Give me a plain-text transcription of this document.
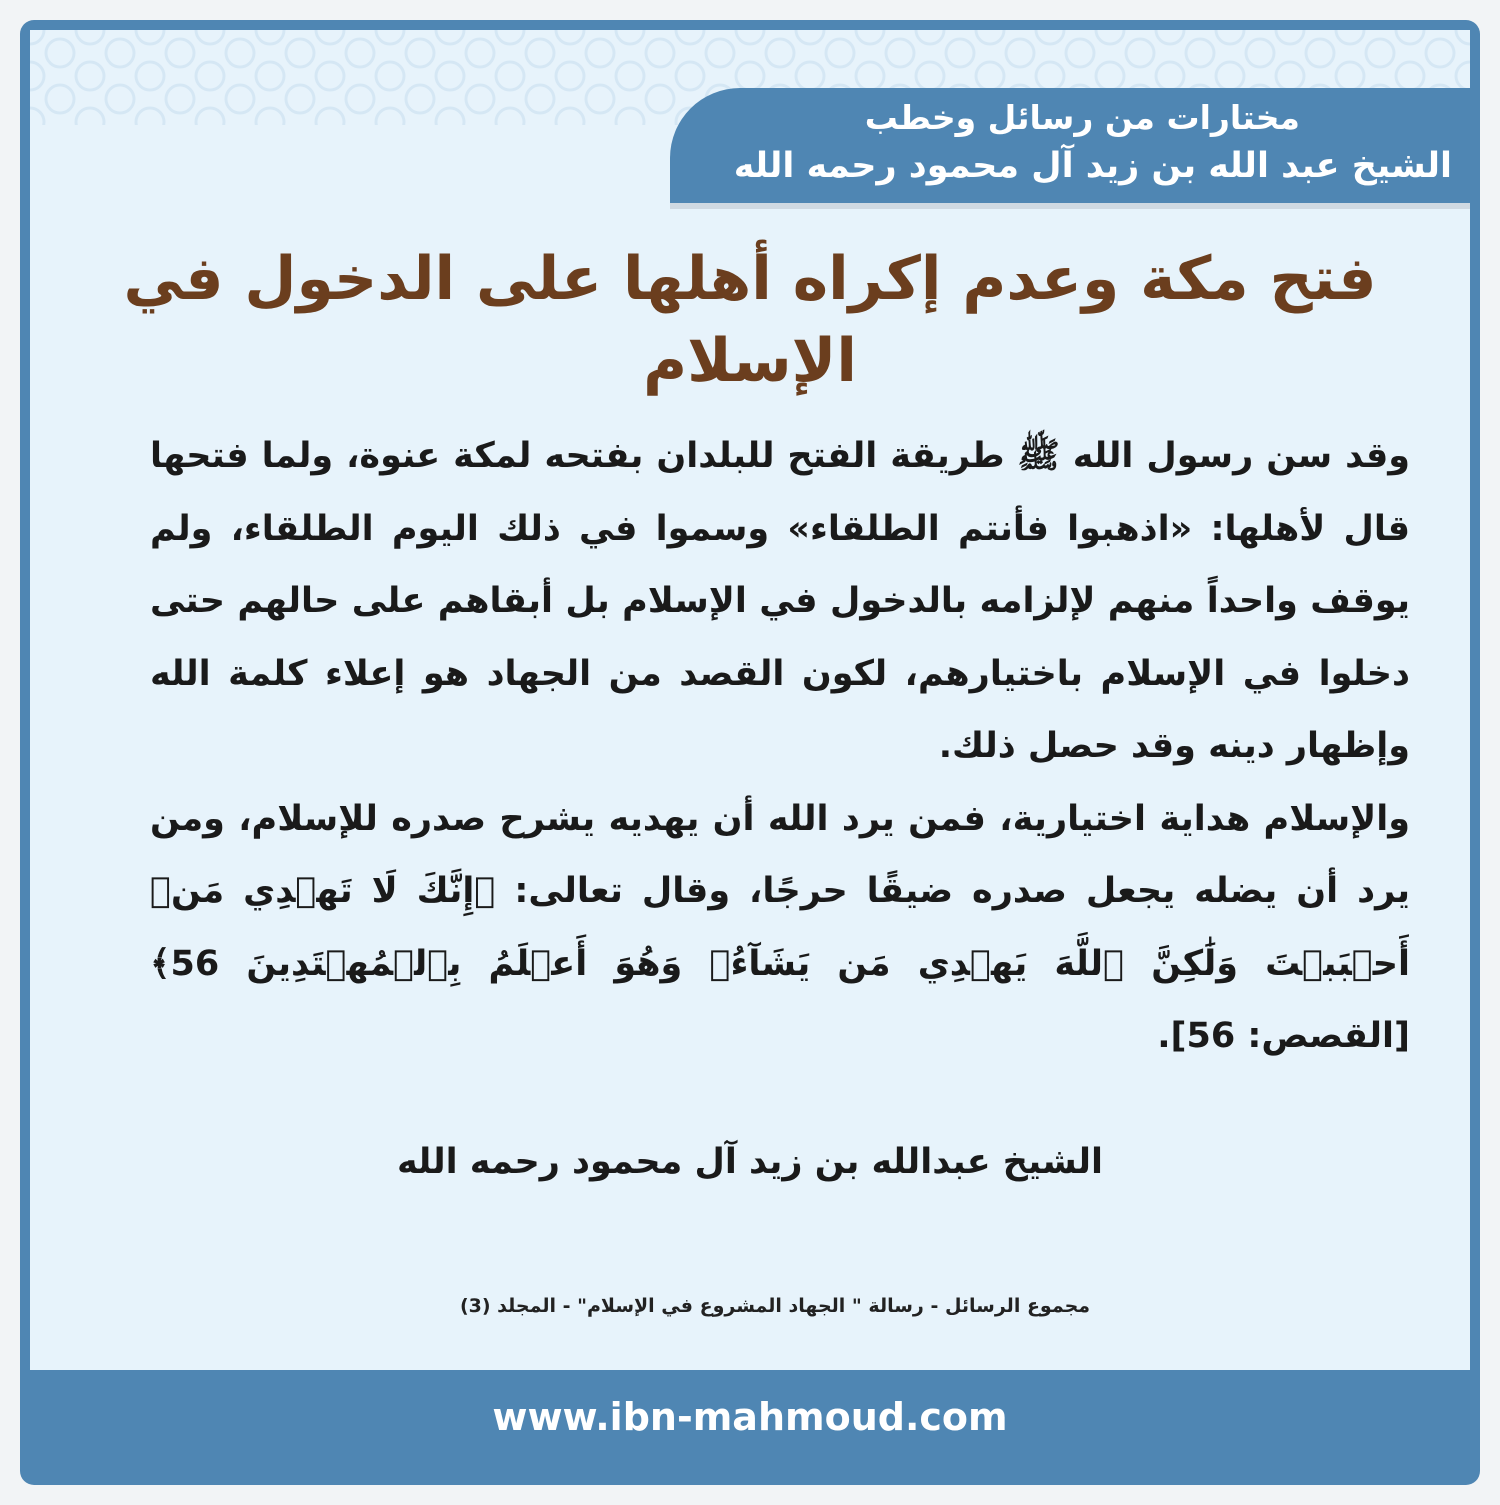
مختارات من رسائل وخطب
الشيخ عبد الله بن زيد آل محمود رحمه الله
فتح مكة وعدم إكراه أهلها على الدخول في الإسلام

وقد سن رسول الله ﷺ طريقة الفتح للبلدان بفتحه لمكة عنوة، ولما فتحها قال لأهلها: «اذهبوا فأنتم الطلقاء» وسموا في ذلك اليوم الطلقاء، ولم يوقف واحداً منهم لإلزامه بالدخول في الإسلام بل أبقاهم على حالهم حتى دخلوا في الإسلام باختيارهم، لكون القصد من الجهاد هو إعلاء كلمة الله وإظهار دينه وقد حصل ذلك.

والإسلام هداية اختيارية، فمن يرد الله أن يهديه يشرح صدره للإسلام، ومن يرد أن يضله يجعل صدره ضيقًا حرجًا، وقال تعالى: ﴿إِنَّكَ لَا تَهۡدِي مَنۡ أَحۡبَبۡتَ وَلَٰكِنَّ ٱللَّهَ يَهۡدِي مَن يَشَآءُۚ وَهُوَ أَعۡلَمُ بِٱلۡمُهۡتَدِينَ 56﴾ [القصص: 56].

الشيخ عبدالله بن زيد آل محمود رحمه الله
مجموع الرسائل - رسالة " الجهاد المشروع في الإسلام" - المجلد (3)
www.ibn-mahmoud.com
